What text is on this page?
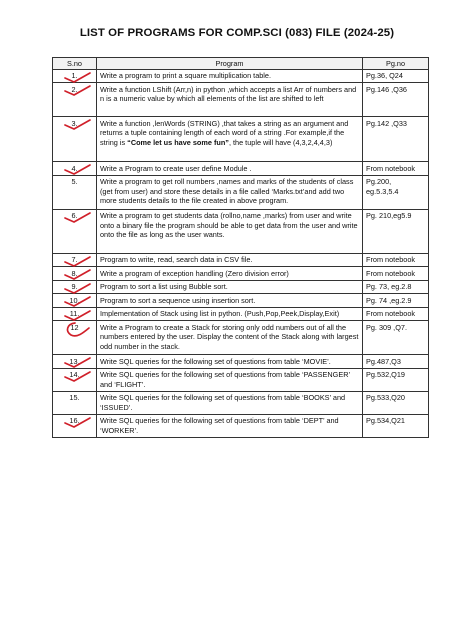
LIST OF PROGRAMS FOR COMP.SCI (083) FILE (2024-25)
S.no	Program	Pg.no
1.	Write a program to print a square multiplication table.	Pg.36, Q24
2.	Write a function LShift (Arr,n) in python ,which accepts a list Arr of numbers and n is a numeric value by which all elements of the list are shifted to left	Pg.146 ,Q36
3.	Write a function ,lenWords (STRING) ,that takes a string as an argument and returns a tuple containing length of each word of a string .For example,if the string is “Come let us have some fun”, the tuple will have (4,3,2,4,4,3)	Pg.142 ,Q33
4.	Write a Program to create user define Module .	From notebook
5.	Write a program to get roll numbers ,names and marks of the students of class (get from user) and store these details in a file called ‘Marks.txt’and add two more students details to the file created in above program.	Pg.200, eg.5.3,5.4
6.	Write a program to get students data (rollno,name ,marks) from user and write onto a binary file the program should be able to get data from the user and write onto the file as long as the user wants.	Pg. 210,eg5.9
7.	Program to write, read, search data in CSV file.	From notebook
8.	Write a program of exception handling (Zero division error)	From notebook
9.	Program to sort a list using Bubble sort.	Pg. 73, eg.2.8
10.	Program to sort a sequence using insertion sort.	Pg. 74 ,eg.2.9
11.	Implementation of Stack using list in python. (Push,Pop,Peek,Display,Exit)	From notebook
12	Write a Program to create a Stack for storing only odd numbers out of all the numbers entered by the user. Display the content of the Stack along with largest odd number in the stack.	Pg. 309 ,Q7.
13.	Write SQL queries for the following set of questions from table ‘MOVIE’.	Pg.487,Q3
14.	Write SQL queries for the following set of questions from table ‘PASSENGER’ and ‘FLIGHT’.	Pg.532,Q19
15.	Write SQL queries for the following set of questions from table ‘BOOKS’ and ‘ISSUED’.	Pg.533,Q20
16.	Write SQL queries for the following set of questions from table ‘DEPT’ and ‘WORKER’.	Pg.534,Q21
